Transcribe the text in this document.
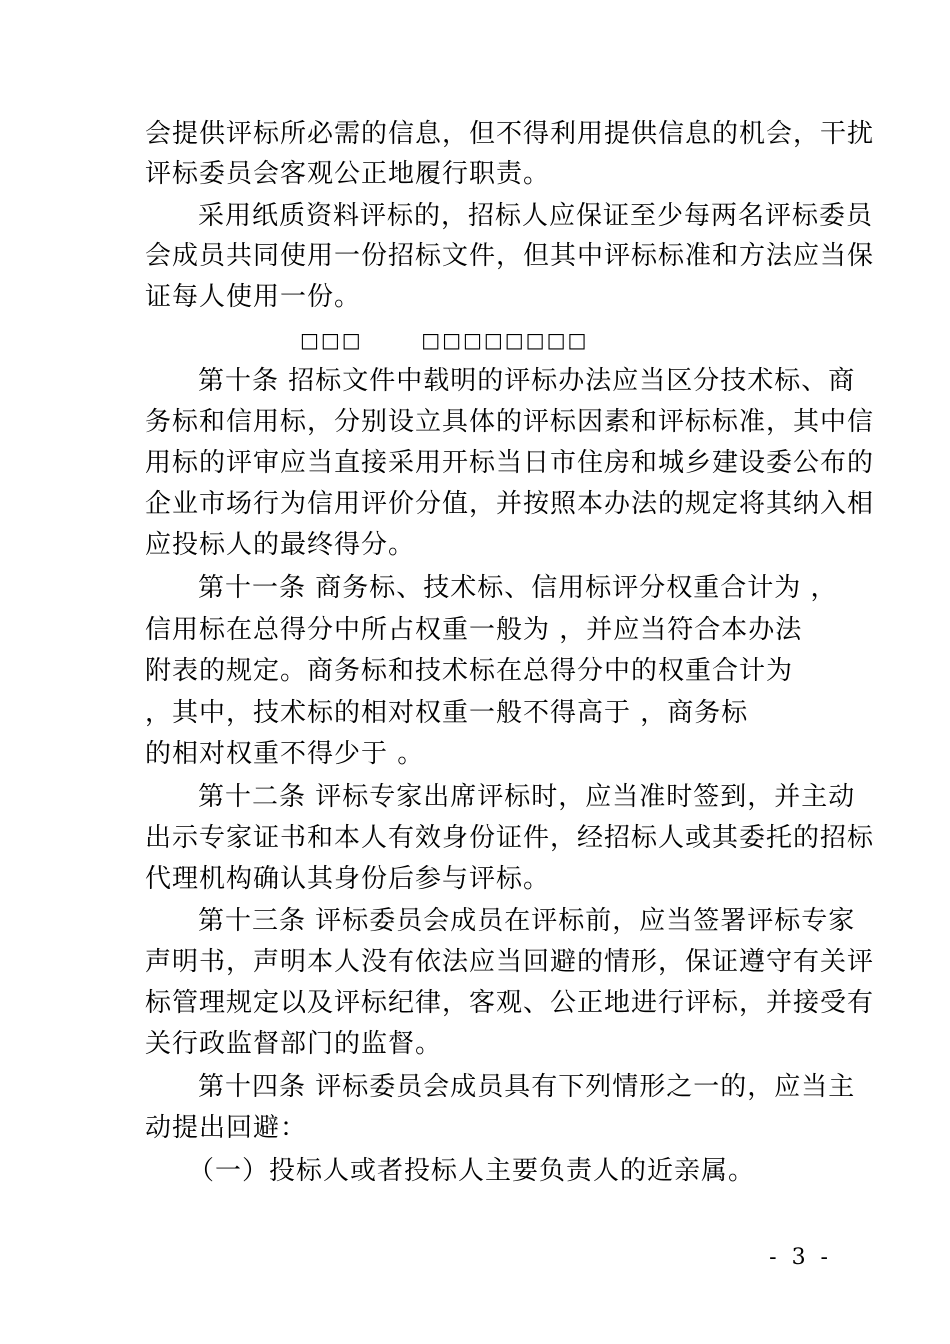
会提供评标所必需的信息，但不得利用提供信息的机会，干扰
评标委员会客观公正地履行职责。
采用纸质资料评标的，招标人应保证至少每两名评标委员
会成员共同使用一份招标文件，但其中评标标准和方法应当保
证每人使用一份。
□□□       □□□□□□□□
第十条 招标文件中载明的评标办法应当区分技术标、商
务标和信用标，分别设立具体的评标因素和评标标准，其中信
用标的评审应当直接采用开标当日市住房和城乡建设委公布的
企业市场行为信用评价分值，并按照本办法的规定将其纳入相
应投标人的最终得分。
第十一条 商务标、技术标、信用标评分权重合计为 ，
信用标在总得分中所占权重一般为 ，并应当符合本办法
附表的规定。商务标和技术标在总得分中的权重合计为
，其中，技术标的相对权重一般不得高于 ，商务标
的相对权重不得少于 。
第十二条 评标专家出席评标时，应当准时签到，并主动
出示专家证书和本人有效身份证件，经招标人或其委托的招标
代理机构确认其身份后参与评标。
第十三条 评标委员会成员在评标前，应当签署评标专家
声明书，声明本人没有依法应当回避的情形，保证遵守有关评
标管理规定以及评标纪律，客观、公正地进行评标，并接受有
关行政监督部门的监督。
第十四条 评标委员会成员具有下列情形之一的，应当主
动提出回避：
（一）投标人或者投标人主要负责人的近亲属。
- 3 -
